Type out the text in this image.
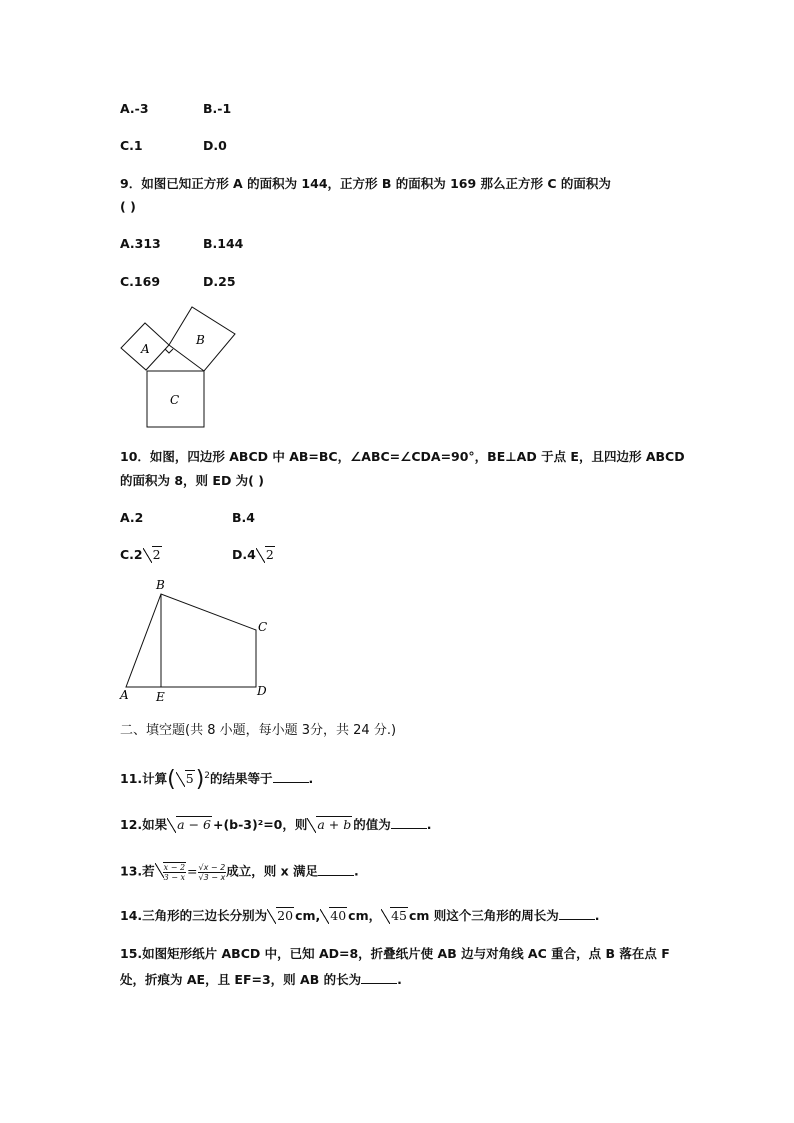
A.-3	B.-1
C.1	D.0
9．如图已知正方形 A 的面积为 144，正方形 B 的面积为 169 那么正方形 C 的面积为
( )
A.313	B.144
C.169	D.25
A
B
C
10．如图，四边形 ABCD 中 AB=BC，∠ABC=∠CDA=90°，BE⊥AD 于点 E，且四边形 ABCD
的面积为 8，则 ED 为( )
A.2	B.4
C.2 2	D.4 2
B
C
A E	D
二、填空题(共 8 小题，每小题 3分，共 24 分.)
11.计算( 5)$^2$的结果等于	.
12.如果 a − 6 +(b-3)²=0，则 a + b 的值为	.
13.若 $\frac{x - 2}{3 - x} = \frac{√x - 2}{√3 - x}$ 成立，则 x 满足	.
14.三角形的三边长分别为 20 cm, 40 cm， 45 cm 则这个三角形的周长为	.
15.如图矩形纸片 ABCD 中，已知 AD=8，折叠纸片使 AB 边与对角线 AC 重合，点 B 落在点 F
处，折痕为 AE，且 EF=3，则 AB 的长为	.
